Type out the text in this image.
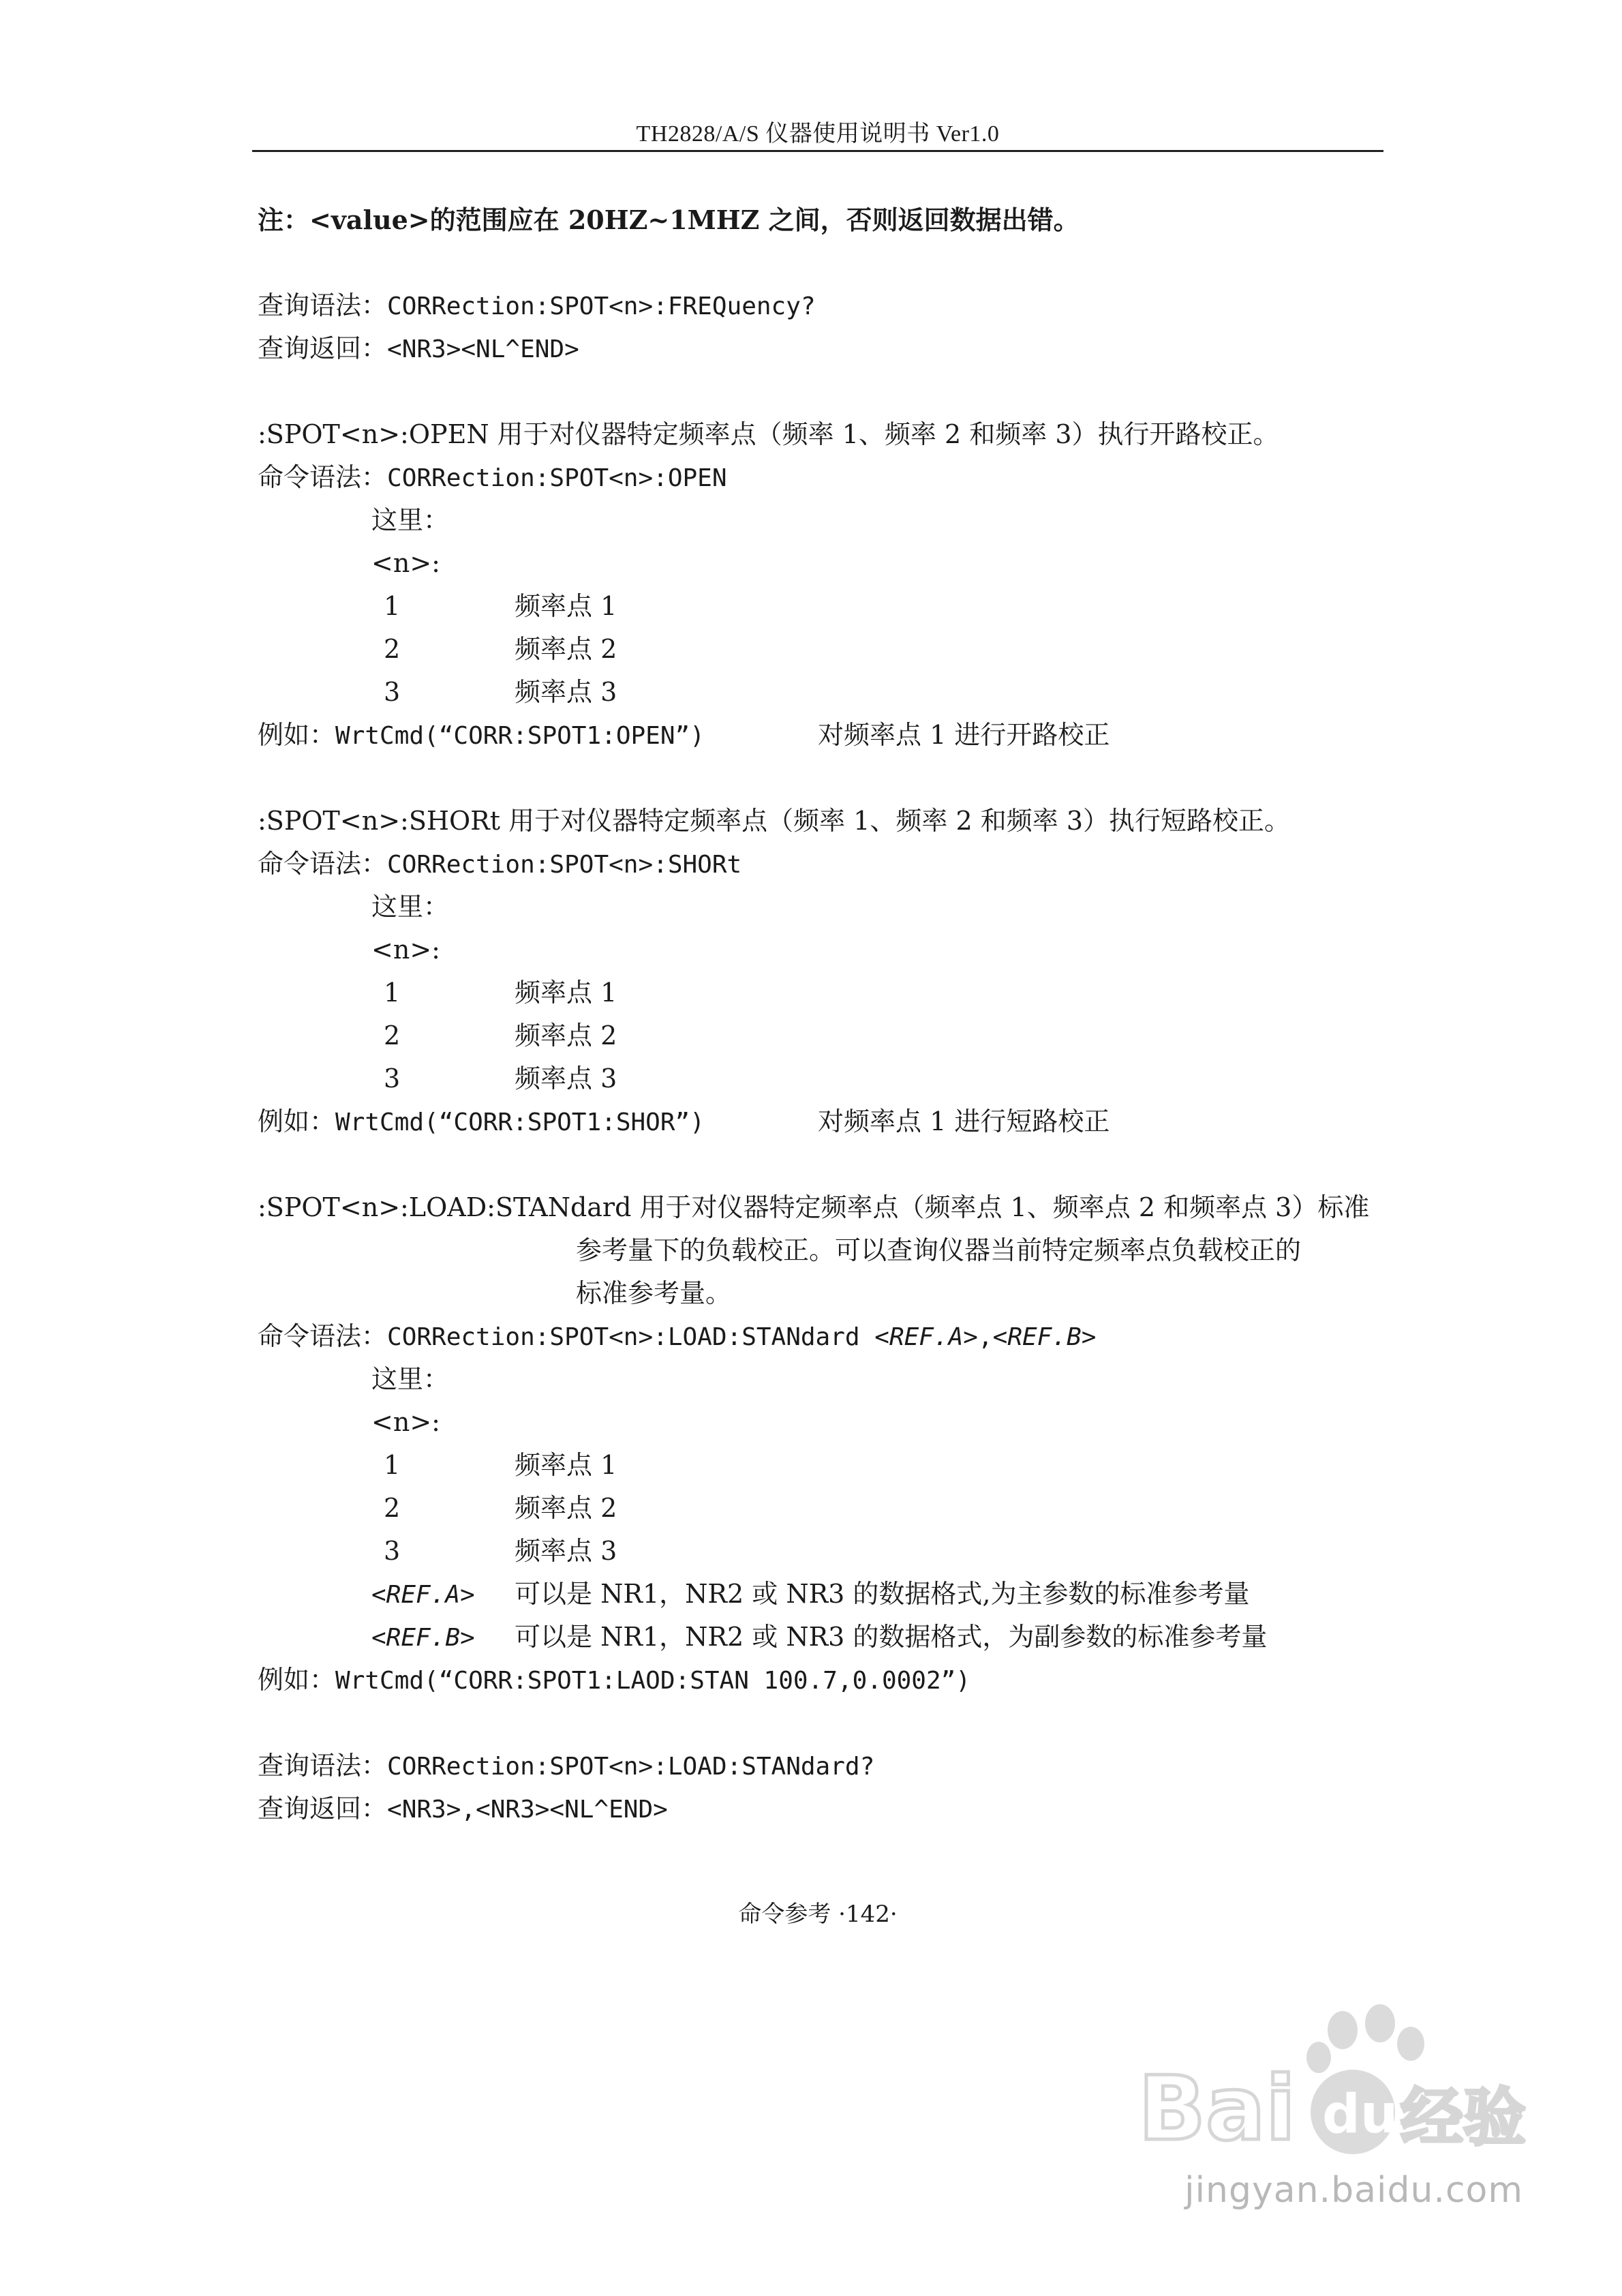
TH2828/A/S 仪器使用说明书 Ver1.0
注：<value>的范围应在 20HZ~1MHZ 之间，否则返回数据出错。
查询语法：CORRection:SPOT<n>:FREQuency?
查询返回：<NR3><NL^END>
:SPOT<n>:OPEN 用于对仪器特定频率点（频率 1、频率 2 和频率 3）执行开路校正。
命令语法：CORRection:SPOT<n>:OPEN
这里：
<n>:
1	频率点 1
2	频率点 2
3	频率点 3
例如：WrtCmd(“CORR:SPOT1:OPEN”)	对频率点 1 进行开路校正
:SPOT<n>:SHORt 用于对仪器特定频率点（频率 1、频率 2 和频率 3）执行短路校正。
命令语法：CORRection:SPOT<n>:SHORt
这里：
<n>:
1	频率点 1
2	频率点 2
3	频率点 3
例如：WrtCmd(“CORR:SPOT1:SHOR”)	对频率点 1 进行短路校正
:SPOT<n>:LOAD:STANdard 用于对仪器特定频率点（频率点 1、频率点 2 和频率点 3）标准
参考量下的负载校正。可以查询仪器当前特定频率点负载校正的
标准参考量。
命令语法：CORRection:SPOT<n>:LOAD:STANdard <REF.A>,<REF.B>
这里：
<n>:
1	频率点 1
2	频率点 2
3	频率点 3
<REF.A> 可以是 NR1，NR2 或 NR3 的数据格式,为主参数的标准参考量
<REF.B> 可以是 NR1，NR2 或 NR3 的数据格式，为副参数的标准参考量
例如：WrtCmd(“CORR:SPOT1:LAOD:STAN 100.7,0.0002”)
查询语法：CORRection:SPOT<n>:LOAD:STANdard?
查询返回：<NR3>,<NR3><NL^END>
命令参考 ·142·
Bai du 经验
jingyan.baidu.com
